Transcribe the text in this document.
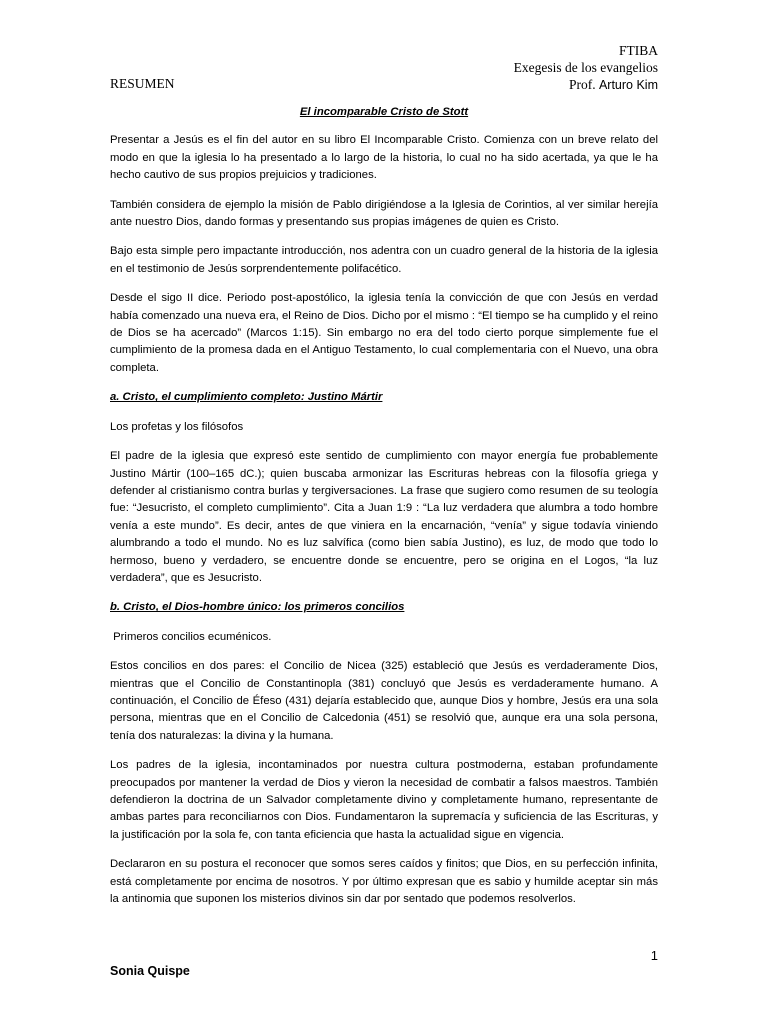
FTIBA
Exegesis de los evangelios
Prof. Arturo Kim
RESUMEN
El incomparable Cristo de Stott

Presentar a Jesús es el fin del autor en su libro El Incomparable Cristo. Comienza con un breve relato del modo en que la iglesia lo ha presentado a lo largo de la historia, lo cual no ha sido acertada, ya que le ha hecho cautivo de sus propios prejuicios y tradiciones.

También considera de ejemplo la misión de Pablo dirigiéndose a la Iglesia de Corintios, al ver similar herejía ante nuestro Dios, dando formas y presentando sus propias imágenes de quien es Cristo.

Bajo esta simple pero impactante introducción, nos adentra con un cuadro general de la historia de la iglesia en el testimonio de Jesús sorprendentemente polifacético.

Desde el sigo II dice. Periodo post-apostólico, la iglesia tenía la convicción de que con Jesús en verdad había comenzado una nueva era, el Reino de Dios. Dicho por el mismo : “El tiempo se ha cumplido y el reino de Dios se ha acercado” (Marcos 1:15). Sin embargo no era del todo cierto porque simplemente fue el cumplimiento de la promesa dada en el Antiguo Testamento, lo cual complementaria con el Nuevo, una obra completa.

a. Cristo, el cumplimiento completo: Justino Mártir
Los profetas y los filósofos

El padre de la iglesia que expresó este sentido de cumplimiento con mayor energía fue probablemente Justino Mártir (100–165 dC.); quien buscaba armonizar las Escrituras hebreas con la filosofía griega y defender al cristianismo contra burlas y tergiversaciones. La frase que sugiero como resumen de su teología fue: “Jesucristo, el completo cumplimiento”. Cita a Juan 1:9 : “La luz verdadera que alumbra a todo hombre venía a este mundo”. Es decir, antes de que viniera en la encarnación, “venía” y sigue todavía viniendo alumbrando a todo el mundo. No es luz salvífica (como bien sabía Justino), es luz, de modo que todo lo hermoso, bueno y verdadero, se encuentre donde se encuentre, pero se origina en el Logos, “la luz verdadera”, que es Jesucristo.

b. Cristo, el Dios-hombre único: los primeros concilios
Primeros concilios ecuménicos.

Estos concilios en dos pares: el Concilio de Nicea (325) estableció que Jesús es verdaderamente Dios, mientras que el Concilio de Constantinopla (381) concluyó que Jesús es verdaderamente humano. A continuación, el Concilio de Éfeso (431) dejaría establecido que, aunque Dios y hombre, Jesús era una sola persona, mientras que en el Concilio de Calcedonia (451) se resolvió que, aunque era una sola persona, tenía dos naturalezas: la divina y la humana.

Los padres de la iglesia, incontaminados por nuestra cultura postmoderna, estaban profundamente preocupados por mantener la verdad de Dios y vieron la necesidad de combatir a falsos maestros. También defendieron la doctrina de un Salvador completamente divino y completamente humano, representante de ambas partes para reconciliarnos con Dios. Fundamentaron la supremacía y suficiencia de las Escrituras, y la justificación por la sola fe, con tanta eficiencia que hasta la actualidad sigue en vigencia.

Declararon en su postura el reconocer que somos seres caídos y finitos; que Dios, en su perfección infinita, está completamente por encima de nosotros. Y por último expresan que es sabio y humilde aceptar sin más la antinomia que suponen los misterios divinos sin dar por sentado que podemos resolverlos.

1
Sonia Quispe
